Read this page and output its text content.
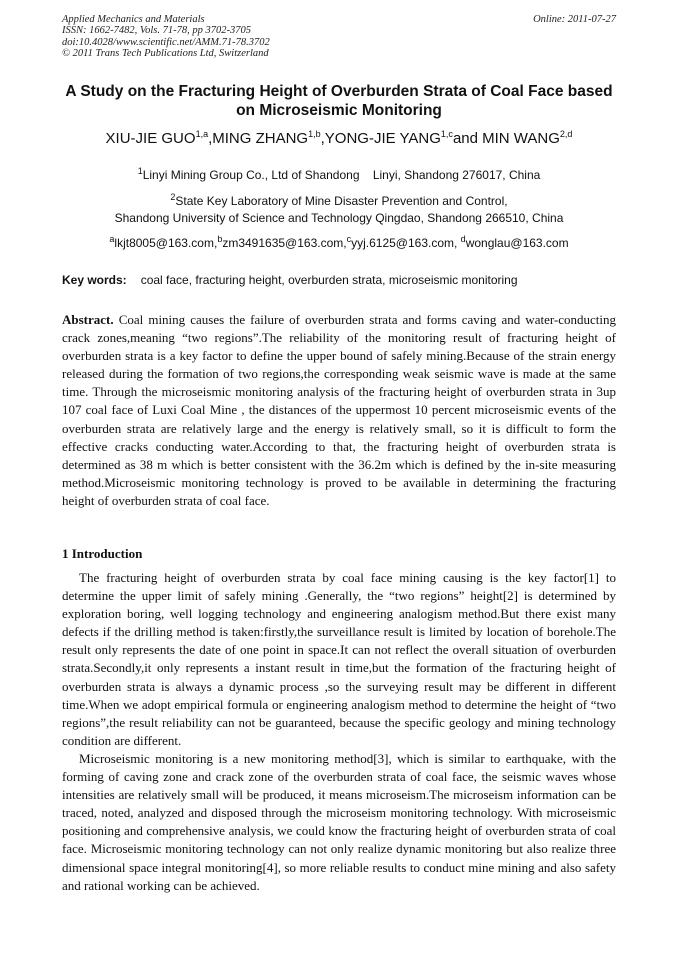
Applied Mechanics and Materials
ISSN: 1662-7482, Vols. 71-78, pp 3702-3705
doi:10.4028/www.scientific.net/AMM.71-78.3702
© 2011 Trans Tech Publications Ltd, Switzerland
Online: 2011-07-27
A Study on the Fracturing Height of Overburden Strata of Coal Face based on Microseismic Monitoring
XIU-JIE GUO$^{1,a}$,MING ZHANG$^{1,b}$,YONG-JIE YANG$^{1,c}$and MIN WANG$^{2,d}$
$^1$Linyi Mining Group Co., Ltd of Shandong    Linyi, Shandong 276017, China
$^2$State Key Laboratory of Mine Disaster Prevention and Control,
Shandong University of Science and Technology Qingdao, Shandong 266510, China
$^a$lkjt8005@163.com,$^b$zm3491635@163.com,$^c$yyj.6125@163.com, $^d$wonglau@163.com
Key words: coal face, fracturing height, overburden strata, microseismic monitoring

Abstract. Coal mining causes the failure of overburden strata and forms caving and water-conducting crack zones,meaning “two regions”.The reliability of the monitoring result of fracturing height of overburden strata is a key factor to define the upper bound of safely mining.Because of the strain energy released during the formation of two regions,the corresponding weak seismic wave is made at the same time. Through the microseismic monitoring analysis of the fracturing height of overburden strata in 3up 107 coal face of Luxi Coal Mine , the distances of the uppermost 10 percent microseismic events of the overburden strata are relatively large and the energy is relatively small, so it is difficult to form the effective cracks conducting water.According to that, the fracturing height of overburden strata is determined as 38 m which is better consistent with the 36.2m which is defined by the in-site measuring method.Microseismic monitoring technology is proved to be available in determining the fracturing height of overburden strata of coal face.

1 Introduction

The fracturing height of overburden strata by coal face mining causing is the key factor[1] to determine the upper limit of safely mining .Generally, the “two regions” height[2] is determined by exploration boring, well logging technology and engineering analogism method.But there exist many defects if the drilling method is taken:firstly,the surveillance result is limited by location of borehole.The result only represents the date of one point in space.It can not reflect the overall situation of overburden strata.Secondly,it only represents a instant result in time,but the formation of the fracturing height of overburden strata is always a dynamic process ,so the surveying result may be different in different time.When we adopt empirical formula or engineering analogism method to determine the height of “two regions”,the result reliability can not be guaranteed, because the specific geology and mining technology condition are different.

Microseismic monitoring is a new monitoring method[3], which is similar to earthquake, with the forming of caving zone and crack zone of the overburden strata of coal face, the seismic waves whose intensities are relatively small will be produced, it means microseism.The microseism information can be traced, noted, analyzed and disposed through the microseism monitoring technology. With microseismic positioning and comprehensive analysis, we could know the fracturing height of overburden strata of coal face. Microseismic monitoring technology can not only realize dynamic monitoring but also realize three dimensional space integral monitoring[4], so more reliable results to conduct mine mining and also safety and rational working can be achieved.
